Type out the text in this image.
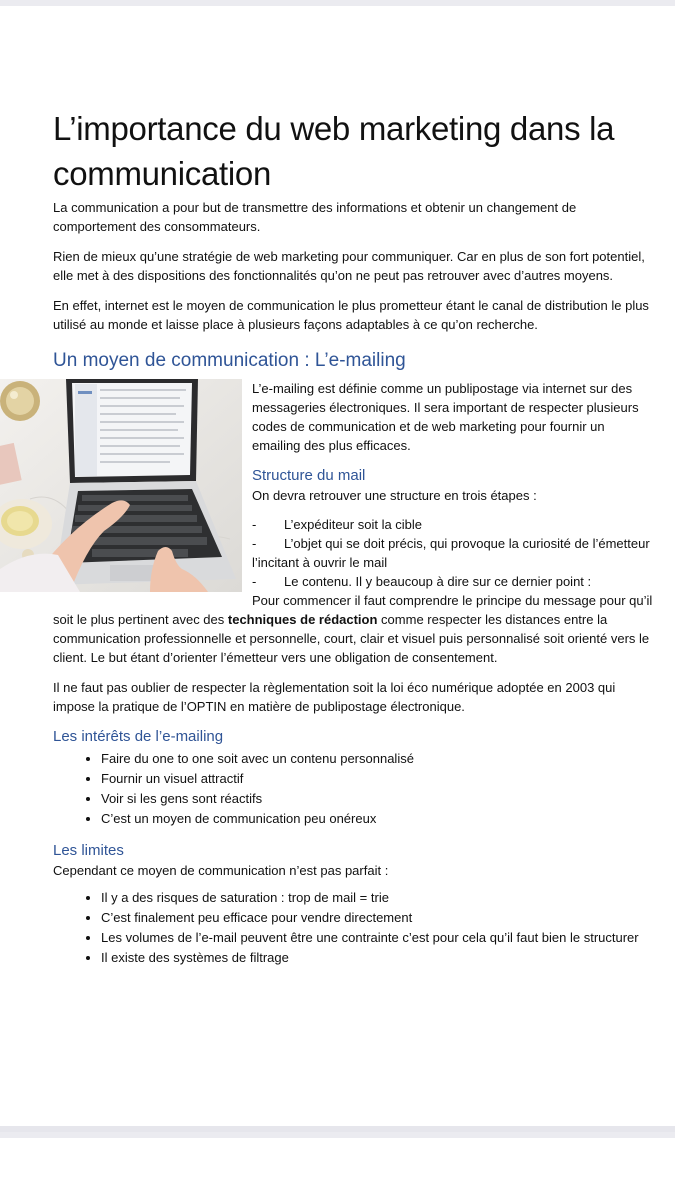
L’importance du web marketing dans la communication

La communication a pour but de transmettre des informations et obtenir un changement de comportement des consommateurs.

Rien de mieux qu’une stratégie de web marketing pour communiquer. Car en plus de son fort potentiel, elle met à des dispositions des fonctionnalités qu’on ne peut pas retrouver avec d’autres moyens.

En effet, internet est le moyen de communication le plus prometteur étant le canal de distribution le plus utilisé au monde et laisse place à plusieurs façons adaptables à ce qu’on recherche.

Un moyen de communication : L’e-mailing

L’e-mailing est définie comme un publipostage via internet sur des messageries électroniques. Il sera important de respecter plusieurs codes de communication et de web marketing pour fournir un emailing des plus efficaces.

Structure du mail

On devra retrouver une structure en trois étapes :

- L’expéditeur soit la cible
- L’objet qui se doit précis, qui provoque la curiosité de l’émetteur l’incitant à ouvrir le mail
- Le contenu. Il y beaucoup à dire sur ce dernier point :

Pour commencer il faut comprendre le principe du message pour qu’il soit le plus pertinent avec des techniques de rédaction comme respecter les distances entre la communication professionnelle et personnelle, court, clair et visuel puis personnalisé soit orienté vers le client. Le but étant d’orienter l’émetteur vers une obligation de consentement.

Il ne faut pas oublier de respecter la règlementation soit la loi éco numérique adoptée en 2003 qui impose la pratique de l’OPTIN en matière de publipostage électronique.

Les intérêts de l’e-mailing
• Faire du one to one soit avec un contenu personnalisé
• Fournir un visuel attractif
• Voir si les gens sont réactifs
• C’est un moyen de communication peu onéreux
Les limites

Cependant ce moyen de communication n’est pas parfait :

• Il y a des risques de saturation : trop de mail = trie
• C’est finalement peu efficace pour vendre directement
• Les volumes de l’e-mail peuvent être une contrainte c’est pour cela qu’il faut bien le structurer
• Il existe des systèmes de filtrage
